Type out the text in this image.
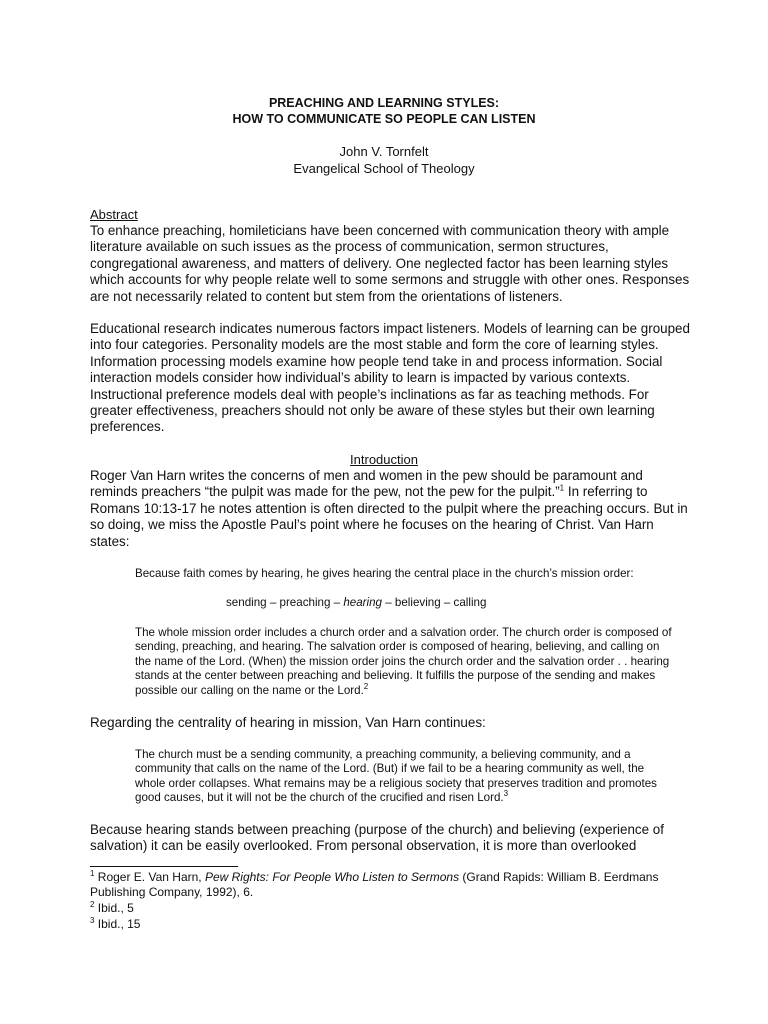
PREACHING AND LEARNING STYLES:
HOW TO COMMUNICATE SO PEOPLE CAN LISTEN
John V. Tornfelt
Evangelical School of Theology
Abstract
To enhance preaching, homileticians have been concerned with communication theory with ample literature available on such issues as the process of communication, sermon structures, congregational awareness, and matters of delivery. One neglected factor has been learning styles which accounts for why people relate well to some sermons and struggle with other ones. Responses are not necessarily related to content but stem from the orientations of listeners.
Educational research indicates numerous factors impact listeners. Models of learning can be grouped into four categories. Personality models are the most stable and form the core of learning styles. Information processing models examine how people tend take in and process information. Social interaction models consider how individual’s ability to learn is impacted by various contexts. Instructional preference models deal with people’s inclinations as far as teaching methods. For greater effectiveness, preachers should not only be aware of these styles but their own learning preferences.
Introduction
Roger Van Harn writes the concerns of men and women in the pew should be paramount and reminds preachers “the pulpit was made for the pew, not the pew for the pulpit.”$^1$ In referring to Romans 10:13-17 he notes attention is often directed to the pulpit where the preaching occurs. But in so doing, we miss the Apostle Paul’s point where he focuses on the hearing of Christ. Van Harn states:
Because faith comes by hearing, he gives hearing the central place in the church’s mission order:
sending – preaching – hearing – believing – calling
The whole mission order includes a church order and a salvation order. The church order is composed of sending, preaching, and hearing. The salvation order is composed of hearing, believing, and calling on the name of the Lord. (When) the mission order joins the church order and the salvation order . . hearing stands at the center between preaching and believing. It fulfills the purpose of the sending and makes possible our calling on the name or the Lord.$^2$
Regarding the centrality of hearing in mission, Van Harn continues:
The church must be a sending community, a preaching community, a believing community, and a community that calls on the name of the Lord. (But) if we fail to be a hearing community as well, the whole order collapses. What remains may be a religious society that preserves tradition and promotes good causes, but it will not be the church of the crucified and risen Lord.$^3$
Because hearing stands between preaching (purpose of the church) and believing (experience of salvation) it can be easily overlooked. From personal observation, it is more than overlooked
$^1$ Roger E. Van Harn, Pew Rights: For People Who Listen to Sermons (Grand Rapids: William B. Eerdmans Publishing Company, 1992), 6.
$^2$ Ibid., 5
$^3$ Ibid., 15
